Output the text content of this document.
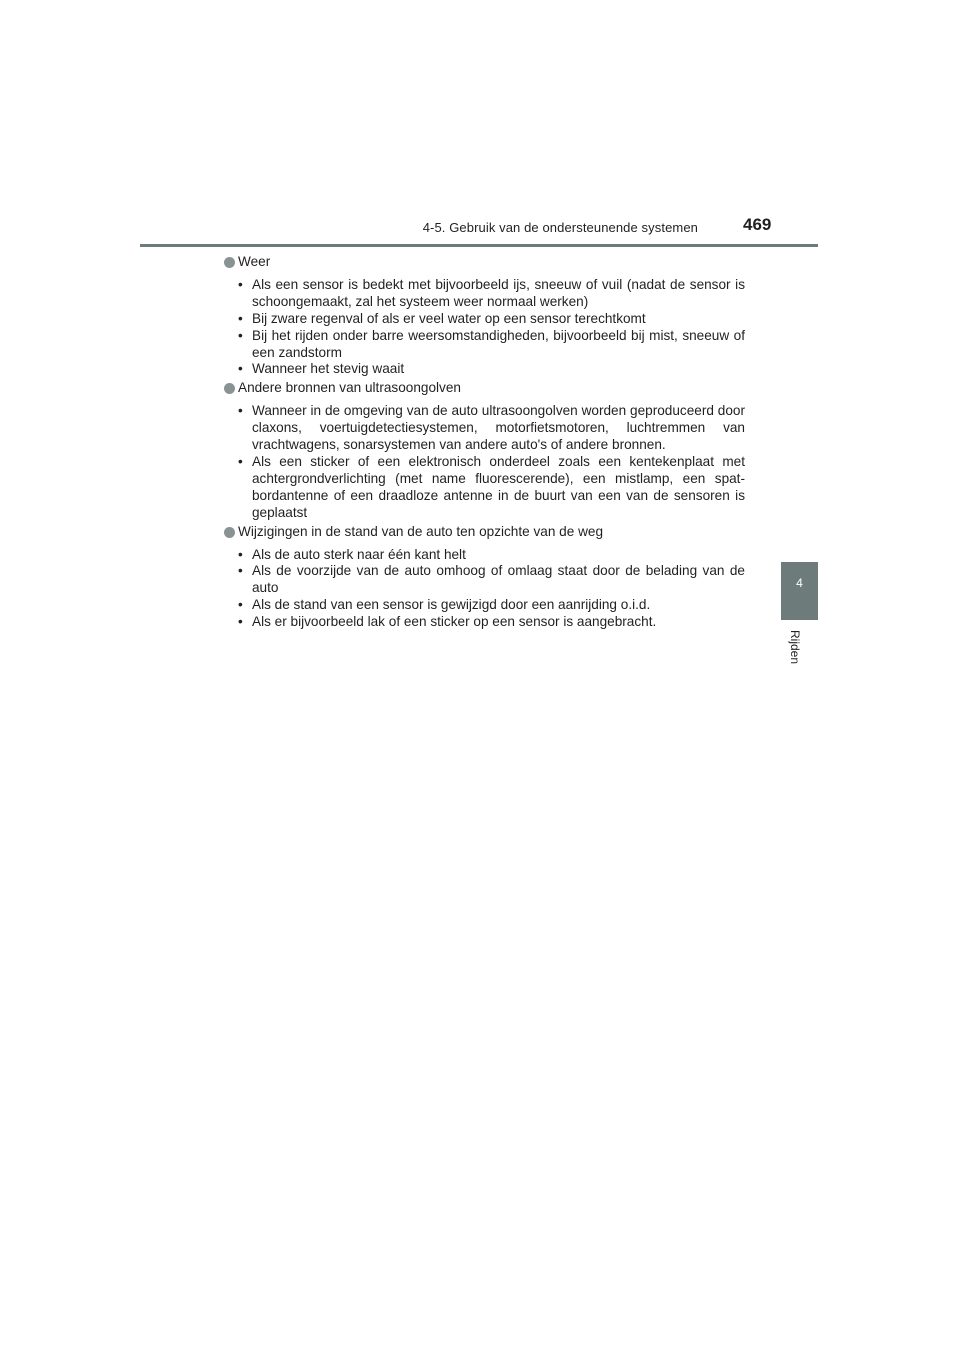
4-5. Gebruik van de ondersteunende systemen	469
4
Rijden

Weer

• Als een sensor is bedekt met bijvoorbeeld ijs, sneeuw of vuil (nadat de sensor is schoongemaakt, zal het systeem weer normaal werken)
• Bij zware regenval of als er veel water op een sensor terechtkomt
• Bij het rijden onder barre weersomstandigheden, bijvoorbeeld bij mist, sneeuw of een zandstorm
• Wanneer het stevig waait

Andere bronnen van ultrasoongolven

• Wanneer in de omgeving van de auto ultrasoongolven worden geproduceerd door claxons, voertuigdetectiesystemen, motorfietsmotoren, luchtremmen van vrachtwagens, sonarsystemen van andere auto's of andere bronnen.
• Als een sticker of een elektronisch onderdeel zoals een kentekenplaat met achtergrondverlichting (met name fluorescerende), een mistlamp, een spat-bordantenne of een draadloze antenne in de buurt van een van de sensoren is geplaatst

Wijzigingen in de stand van de auto ten opzichte van de weg

• Als de auto sterk naar één kant helt
• Als de voorzijde van de auto omhoog of omlaag staat door de belading van de auto
• Als de stand van een sensor is gewijzigd door een aanrijding o.i.d.
• Als er bijvoorbeeld lak of een sticker op een sensor is aangebracht.
